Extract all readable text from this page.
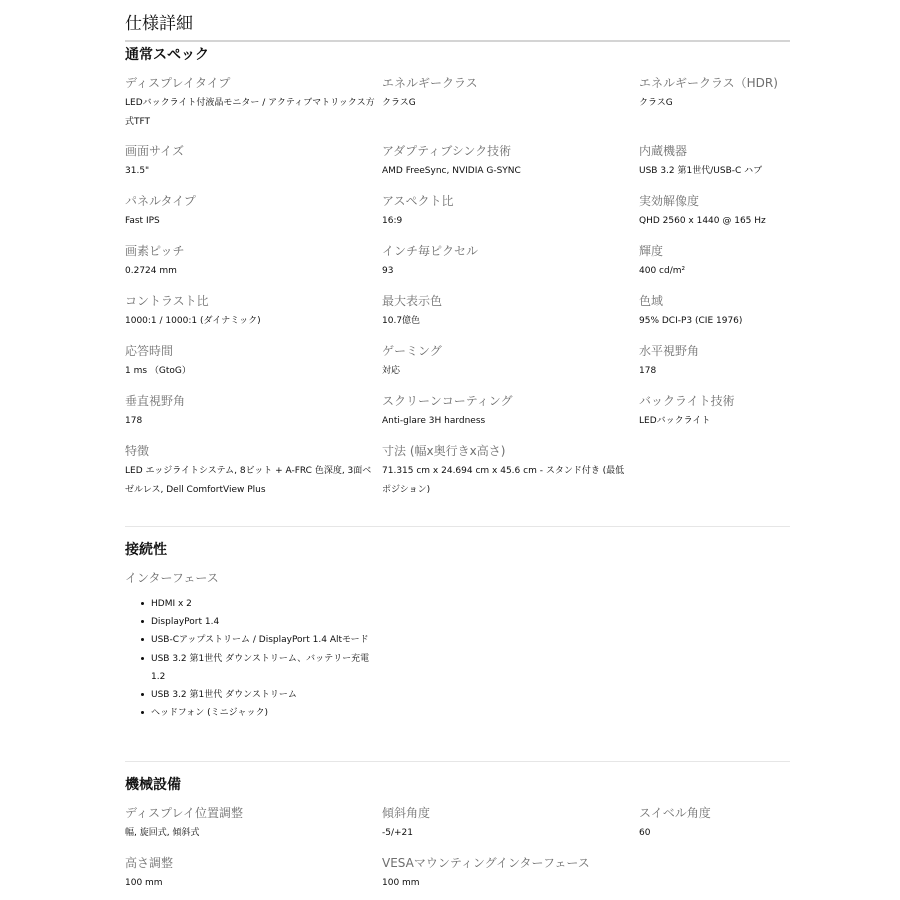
仕様詳細
通常スペック
ディスプレイタイプ
LEDバックライト付液晶モニター / アクティブマトリックス方式TFT
エネルギークラス
クラスG
エネルギークラス（HDR)
クラスG
画面サイズ
31.5"
アダプティブシンク技術
AMD FreeSync, NVIDIA G-SYNC
内蔵機器
USB 3.2 第1世代/USB-C ハブ
パネルタイプ
Fast IPS
アスペクト比
16:9
実効解像度
QHD 2560 x 1440 @ 165 Hz
画素ピッチ
0.2724 mm
インチ毎ピクセル
93
輝度
400 cd/m²
コントラスト比
1000:1 / 1000:1 (ダイナミック)
最大表示色
10.7億色
色域
95% DCI-P3 (CIE 1976)
応答時間
1 ms （GtoG）
ゲーミング
対応
水平視野角
178
垂直視野角
178
スクリーンコーティング
Anti-glare 3H hardness
バックライト技術
LEDバックライト
特徴
LED エッジライトシステム, 8ビット + A-FRC 色深度, 3面ベゼルレス, Dell ComfortView Plus
寸法 (幅x奥行きx高さ)
71.315 cm x 24.694 cm x 45.6 cm - スタンド付き (最低ポジション)
接続性
インターフェース
HDMI x 2
DisplayPort 1.4
USB-Cアップストリーム / DisplayPort 1.4 Altモード
USB 3.2 第1世代 ダウンストリーム、バッテリー充電 1.2
USB 3.2 第1世代 ダウンストリーム
ヘッドフォン (ミニジャック)
機械設備
ディスプレイ位置調整
幅, 旋回式, 傾斜式
傾斜角度
-5/+21
スイベル角度
60
高さ調整
100 mm
VESAマウンティングインターフェース
100 mm
